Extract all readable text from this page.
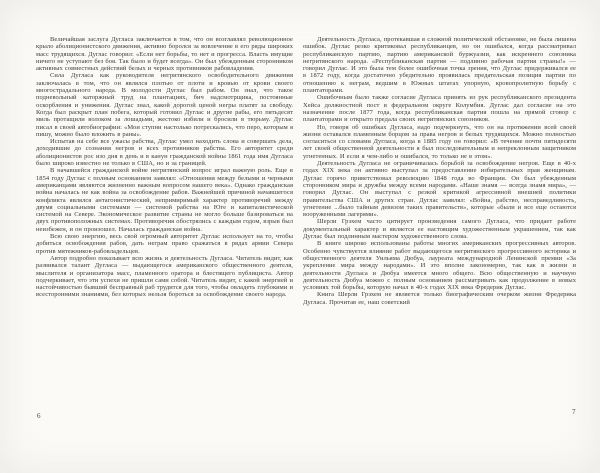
Величайшая заслуга Дугласа заключается в том, что он возглавлял революционное крыло аболиционистского движения, активно боролся за вовлечение в его ряды широких масс трудящихся. Дуглас говорил: «Если нет борьбы, то нет и прогресса. Власть имущие ничего не уступают без боя. Так было и будет всегда». Он был убежденным сторонником активных совместных действий белых и черных противников рабовладения.

Сила Дугласа как руководителя негритянского освободительного движения заключалась в том, что он являлся плотью от плоти и кровью от крови своего многострадального народа. В молодости Дуглас был рабом. Он знал, что такое подневольный каторжный труд на плантациях, бич надсмотрщика, постоянные оскорбления и унижения. Дуглас знал, какой дорогой ценой негры платят за свободу. Когда был раскрыт план побега, который готовил Дуглас и другие рабы, его пятьдесят миль протащили волоком за лошадьми, жестоко избили и бросили в тюрьму. Дуглас писал в своей автобиографии: «Мои ступни настолько потрескались, что перо, которым я пишу, можно было вложить в раны».

Испытав на себе все ужасы рабства, Дуглас умел находить слова и совершать дела, доходившие до сознания негров и всех противников рабства. Его авторитет среди аболиционистов рос изо дня в день и в канун гражданской войны 1861 года имя Дугласа было широко известно не только в США, но и за границей.

В начавшейся гражданской войне негритянский вопрос играл важную роль. Еще в 1854 году Дуглас с полным основанием заявлял: «Отношения между белыми и черными американцами являются жизненно важным вопросом нашего века». Однако гражданская война началась не как война за освобождение рабов. Важнейшей причиной начавшегося конфликта являлся антагонистический, непримиримый характер противоречий между двумя социальными системами — системой рабства на Юге и капиталистической системой на Севере. Экономическое развитие страны не могло больше базироваться на двух противоположных системах. Противоречия обострялись с каждым годом, взрыв был неизбежен, и он произошел. Началась гражданская война.

Всю свою энергию, весь свой огромный авторитет Дуглас использует на то, чтобы добиться освобождения рабов, дать неграм право сражаться в рядах армии Севера против мятежников-рабовладельцев.

Автор подробно показывает всю жизнь и деятельность Дугласа. Читатель видит, как развивался талант Дугласа — выдающегося американского общественного деятеля, мыслителя и организатора масс, пламенного оратора и блестящего публициста. Автор подчеркивает, что эти успехи не пришли сами собой. Читатель видит, с какой энергией и настойчивостью бывший бесправный раб трудится для того, чтобы овладеть глубокими и всесторонними знаниями, без которых нельзя бороться за освобождение своего народа.

6

Деятельность Дугласа, протекавшая в сложной политической обстановке, не была лишена ошибок. Дуглас резко критиковал республиканцев, но он ошибался, когда рассматривал республиканскую партию, партию американской буржуазии, как искреннего союзника негритянского народа. «Республиканская партия — подлинно рабочая партия страны!» — говорил Дуглас. И это была тем более ошибочная точка зрения, что Дуглас придерживался ее в 1872 году, когда достаточно убедительно проявилась предательская позиция партии по отношению к неграм, ведшим в Южных штатах упорную, кровопролитную борьбу с плантаторами.

Ошибочным было также согласие Дугласа принять из рук республиканского президента Хейса должностной пост в федеральном округе Колумбия. Дуглас дал согласие на это назначение после 1877 года, когда республиканская партия пошла на прямой сговор с плантаторами и открыто предала своих негритянских союзников.

Но, говоря об ошибках Дугласа, надо подчеркнуть, что он на протяжении всей своей жизни оставался пламенным борцом за права негров и белых трудящихся. Можно полностью согласиться со словами Дугласа, когда в 1885 году он говорил: «В течение почти пятидесяти лет своей общественной деятельности я был последовательным и непреклонным защитником угнетенных. И если я чем-либо и ошибался, то только не в этом».

Деятельность Дугласа не ограничивалась борьбой за освобождение негров. Еще в 40-х годах XIX века он активно выступал за предоставление избирательных прав женщинам. Дуглас горячо приветствовал революцию 1848 года во Франции. Он был убежденным сторонником мира и дружбы между всеми народами. «Наше знамя — всегда знамя мира», — говорил Дуглас. Он выступал с резкой критикой агрессивной внешней политики правительства США и других стран. Дуглас заявлял: «Война, рабство, несправедливость, угнетение ...было тайным девизом таких правительств», которые «были и все еще остаются вооруженными лагерями».

Шерли Грэхем часто цитирует произведения самого Дугласа, что придает работе документальный характер и является ее настоящим художественным украшением, так как Дуглас был подлинным мастером художественного слова.

В книге широко использованы работы многих американских прогрессивных авторов. Особенно чувствуется влияние работ выдающегося негритянского прогрессивного историка и общественного деятеля Уильяма Дюбуа, лауреата международной Ленинской премии «За укрепление мира между народами». И это вполне закономерно, так как в жизни и деятельности Дугласа и Дюбуа имеется много общего. Всю общественную и научную деятельность Дюбуа можно с полным основанием рассматривать как продолжение в новых условиях той борьбы, которую начал в 40-х годах XIX века Фредерик Дуглас.

Книга Шерли Грэхем не является только биографическим очерком жизни Фредерика Дугласа. Прочитав ее, наш советский

7
